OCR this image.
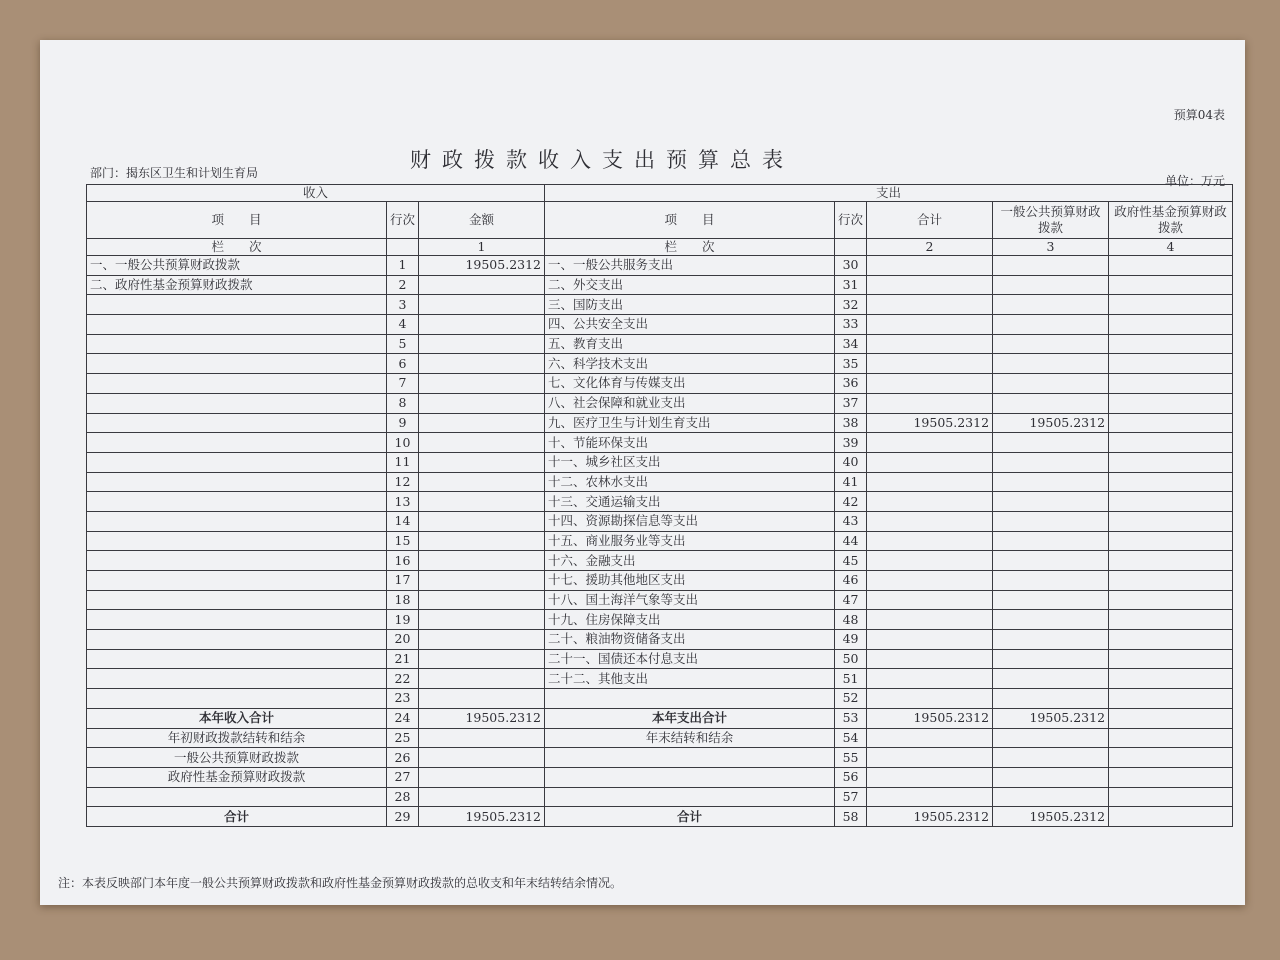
预算04表
财政拨款收入支出预算总表
部门：揭东区卫生和计划生育局
单位：万元
收入			支出				
项　　目	行次	金额	项　　目	行次	合计	一般公共预算财政拨款	政府性基金预算财政拨款
栏　　次		1	栏　　次		2	3	4
一、一般公共预算财政拨款	1	19505.2312	一、一般公共服务支出	30			
二、政府性基金预算财政拨款	2		二、外交支出	31			
	3		三、国防支出	32			
	4		四、公共安全支出	33			
	5		五、教育支出	34			
	6		六、科学技术支出	35			
	7		七、文化体育与传媒支出	36			
	8		八、社会保障和就业支出	37			
	9		九、医疗卫生与计划生育支出	38	19505.2312	19505.2312	
	10		十、节能环保支出	39			
	11		十一、城乡社区支出	40			
	12		十二、农林水支出	41			
	13		十三、交通运输支出	42			
	14		十四、资源勘探信息等支出	43			
	15		十五、商业服务业等支出	44			
	16		十六、金融支出	45			
	17		十七、援助其他地区支出	46			
	18		十八、国土海洋气象等支出	47			
	19		十九、住房保障支出	48			
	20		二十、粮油物资储备支出	49			
	21		二十一、国债还本付息支出	50			
	22		二十二、其他支出	51			
	23			52			
本年收入合计	24	19505.2312	本年支出合计	53	19505.2312	19505.2312	
年初财政拨款结转和结余	25		年末结转和结余	54			
一般公共预算财政拨款	26			55			
政府性基金预算财政拨款	27			56			
	28			57			
合计	29	19505.2312	合计	58	19505.2312	19505.2312	
注：本表反映部门本年度一般公共预算财政拨款和政府性基金预算财政拨款的总收支和年末结转结余情况。
